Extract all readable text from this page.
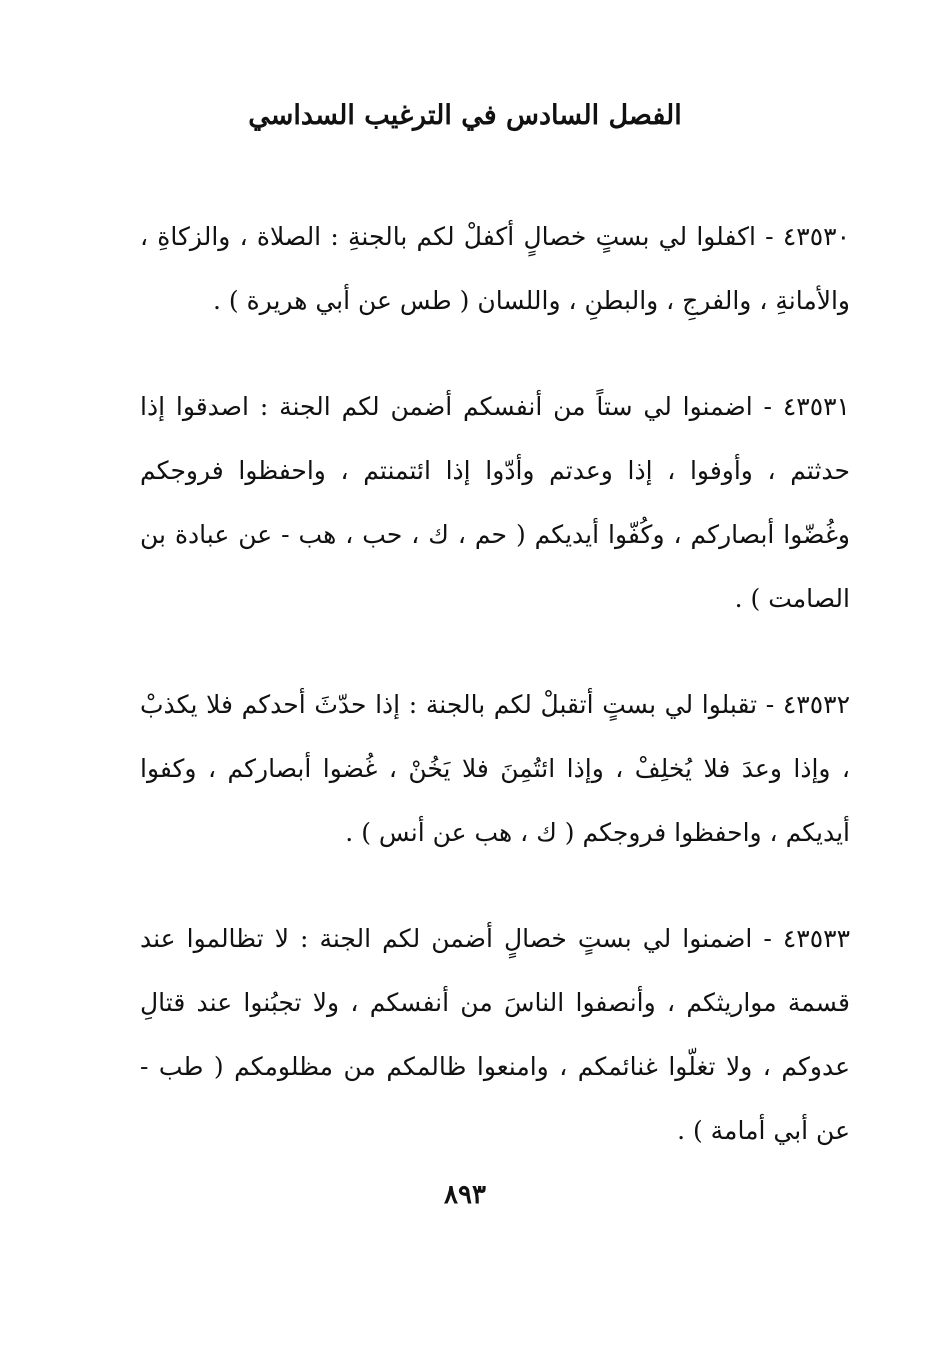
الفصل السادس في الترغيب السداسي

٤٣٥٣٠ - اكفلوا لي بستٍ خصالٍ أكفلْ لكم بالجنةِ : الصلاة ، والزكاةِ ، والأمانةِ ، والفرجِ ، والبطنِ ، واللسان ( طس عن أبي هريرة ) .

٤٣٥٣١ - اضمنوا لي ستاً من أنفسكم أضمن لكم الجنة : اصدقوا إذا حدثتم ، وأوفوا ، إذا وعدتم وأدّوا إذا ائتمنتم ، واحفظوا فروجكم وغُضّوا أبصاركم ، وكُفّوا أيديكم ( حم ، ك ، حب ، هب - عن عبادة بن الصامت ) .

٤٣٥٣٢ - تقبلوا لي بستٍ أتقبلْ لكم بالجنة : إذا حدّثَ أحدكم فلا يكذبْ ، وإذا وعدَ فلا يُخلِفْ ، وإذا ائتُمِنَ فلا يَخُنْ ، غُضوا أبصاركم ، وكفوا أيديكم ، واحفظوا فروجكم ( ك ، هب عن أنس ) .

٤٣٥٣٣ - اضمنوا لي بستٍ خصالٍ أضمن لكم الجنة : لا تظالموا عند قسمة مواريثكم ، وأنصفوا الناسَ من أنفسكم ، ولا تجبُنوا عند قتالِ عدوكم ، ولا تغلّوا غنائمكم ، وامنعوا ظالمكم من مظلومكم ( طب - عن أبي أمامة ) .

٨٩٣
